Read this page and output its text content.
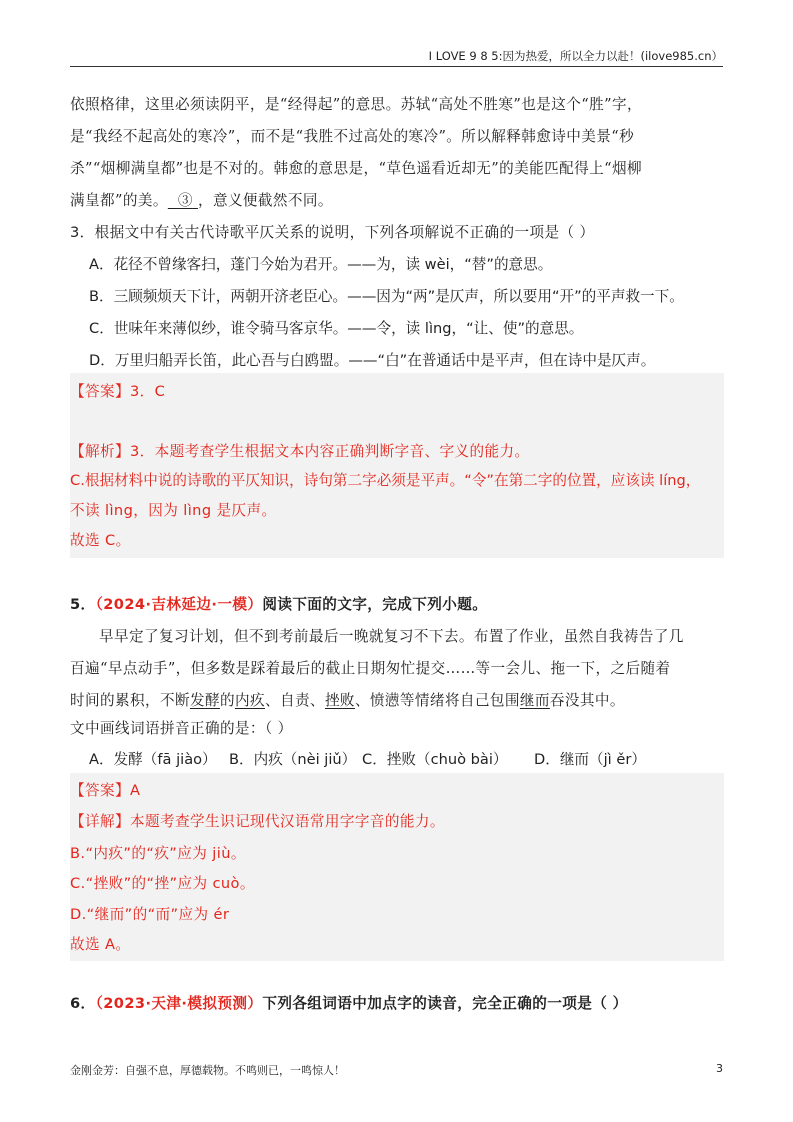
I LOVE 9 8 5:因为热爱，所以全力以赴！(ilove985.cn）
依照格律，这里必须读阴平，是“经得起”的意思。苏轼“高处不胜寒”也是这个“胜”字，
是“我经不起高处的寒冷”，而不是“我胜不过高处的寒冷”。所以解释韩愈诗中美景“秒
杀”“烟柳满皇都”也是不对的。韩愈的意思是，“草色遥看近却无”的美能匹配得上“烟柳
满皇都”的美。 ③ ，意义便截然不同。
3．根据文中有关古代诗歌平仄关系的说明，下列各项解说不正确的一项是（ ）
A．花径不曾缘客扫，蓬门今始为君开。——为，读 wèi，“替”的意思。
B．三顾频烦天下计，两朝开济老臣心。——因为“两”是仄声，所以要用“开”的平声救一下。
C．世味年来薄似纱，谁令骑马客京华。——令，读 lìng，“让、使”的意思。
D．万里归船弄长笛，此心吾与白鸥盟。——“白”在普通话中是平声，但在诗中是仄声。
【答案】3．C
【解析】3．本题考查学生根据文本内容正确判断字音、字义的能力。
C.根据材料中说的诗歌的平仄知识，诗句第二字必须是平声。“令”在第二字的位置，应该读 líng，
不读 lìng，因为 lìng 是仄声。
故选 C。
5．（2024·吉林延边·一模）阅读下面的文字，完成下列小题。
早早定了复习计划，但不到考前最后一晚就复习不下去。布置了作业，虽然自我祷告了几
百遍“早点动手”，但多数是踩着最后的截止日期匆忙提交……等一会儿、拖一下，之后随着
时间的累积，不断发酵的内疚、自责、挫败、愤懑等情绪将自己包围继而吞没其中。
文中画线词语拼音正确的是：（ ）
A．发酵（fā jiào） B．内疚（nèi jiǔ） C．挫败（chuò bài） D．继而（jì ěr）
【答案】A
【详解】本题考查学生识记现代汉语常用字字音的能力。
B.“内疚”的“疚”应为 jiù。
C.“挫败”的“挫”应为 cuò。
D.“继而”的“而”应为 ér
故选 A。
6．（2023·天津·模拟预测）下列各组词语中加点字的读音，完全正确的一项是（ ）
金刚金芳：自强不息，厚德载物。不鸣则已，一鸣惊人！	3
